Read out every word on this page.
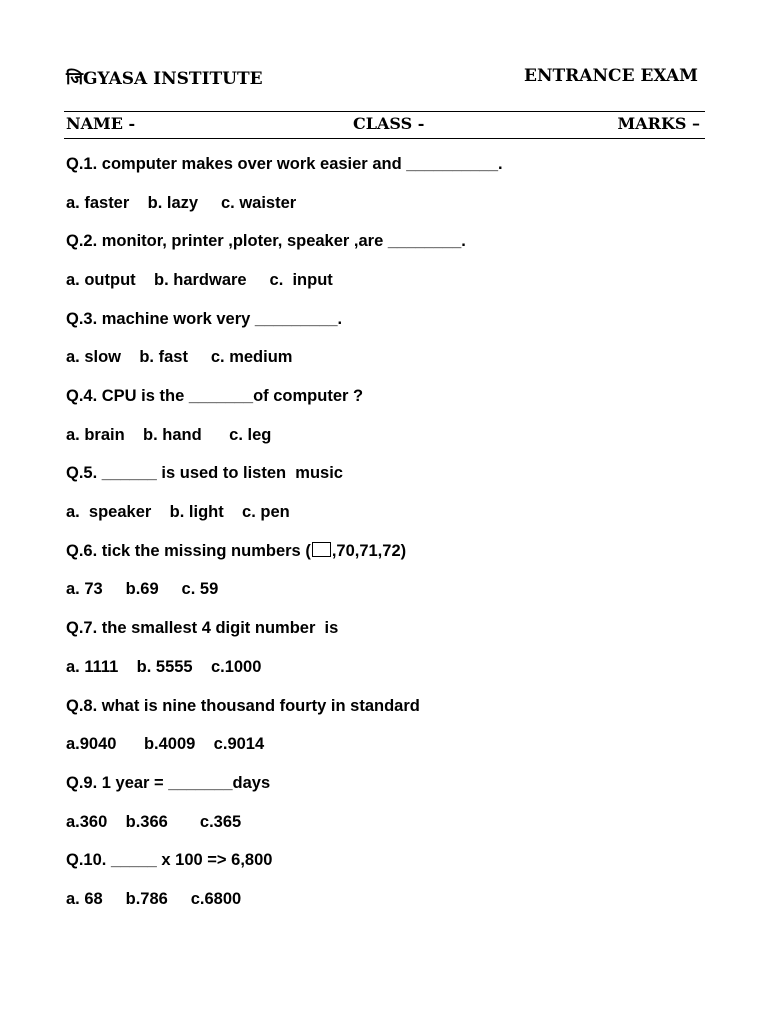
जिGYASA INSTITUTE	ENTRANCE EXAM
NAME -	CLASS -	MARKS –
Q.1. computer makes over work easier and __________.
a. faster    b. lazy     c. waister
Q.2. monitor, printer ,ploter, speaker ,are ________.
a. output    b. hardware     c.  input
Q.3. machine work very _________.
a. slow    b. fast     c. medium
Q.4. CPU is the _______of computer ?
a. brain    b. hand      c. leg
Q.5. ______ is used to listen  music
a.  speaker    b. light    c. pen
Q.6. tick the missing numbers ( ,70,71,72)
a. 73     b.69     c. 59
Q.7. the smallest 4 digit number  is
a. 1111    b. 5555    c.1000
Q.8. what is nine thousand fourty in standard
a.9040      b.4009    c.9014
Q.9. 1 year = _______days
a.360    b.366       c.365
Q.10. _____ x 100 => 6,800
a. 68     b.786     c.6800
